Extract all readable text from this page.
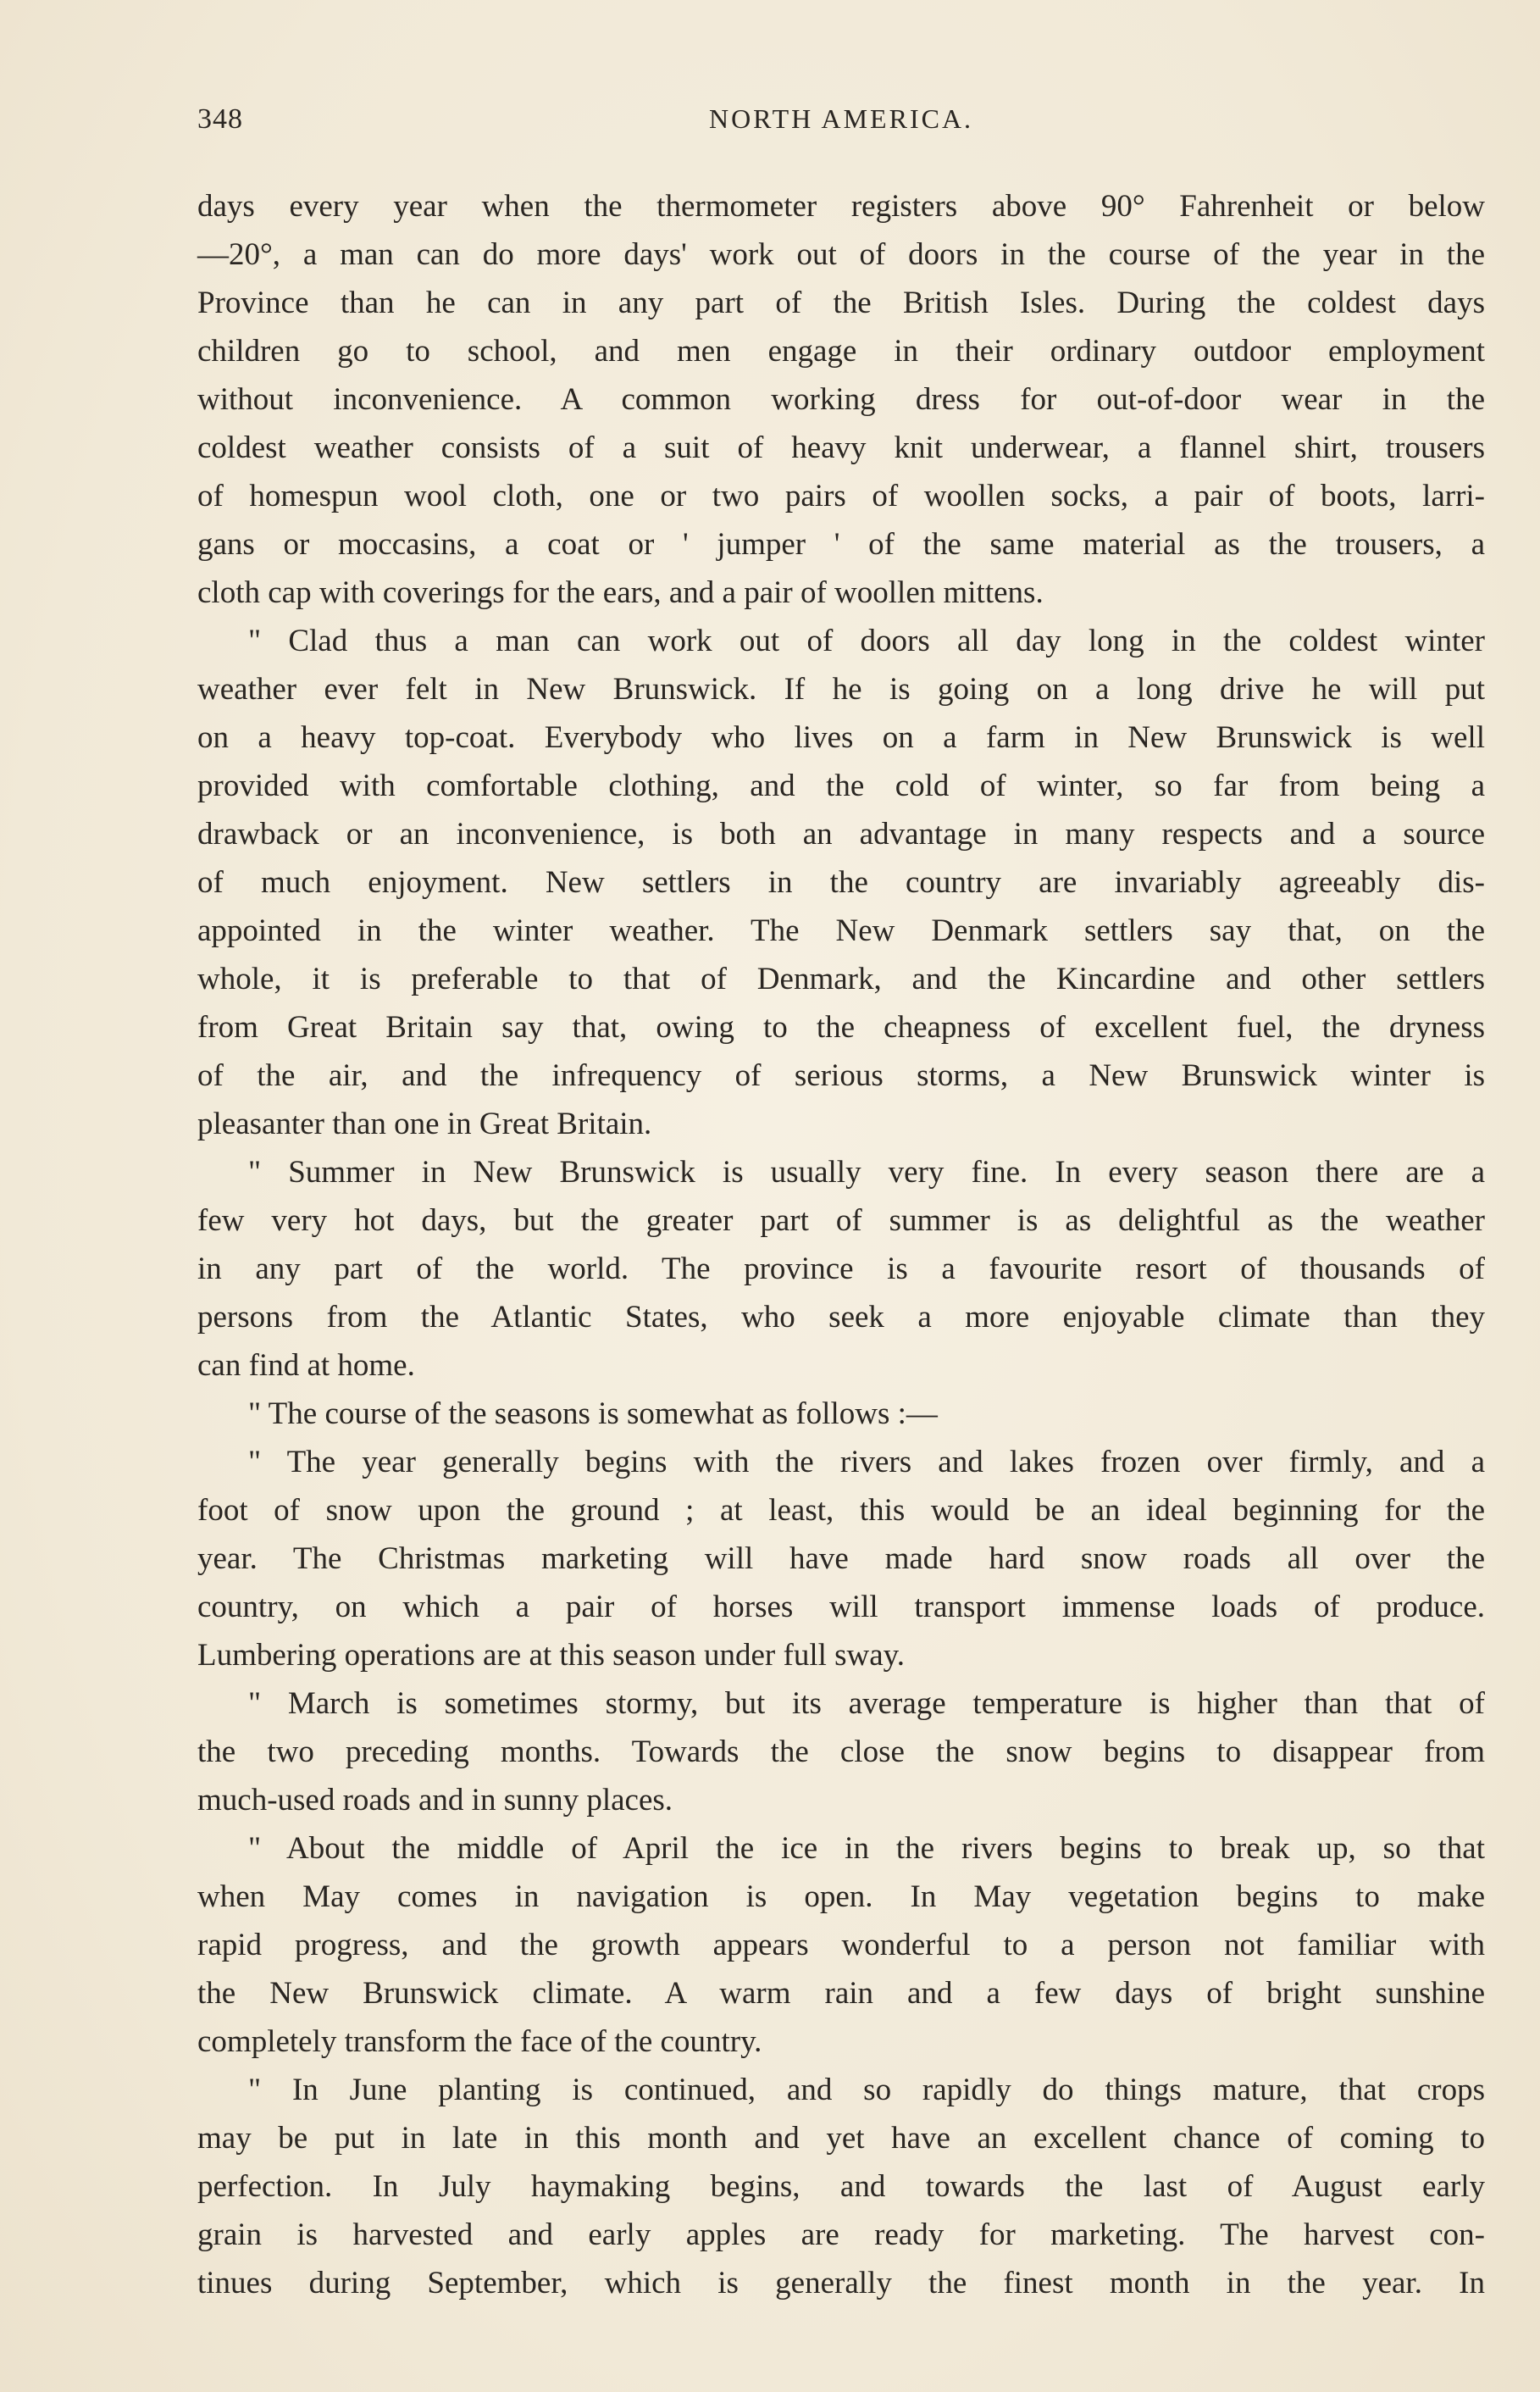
348	NORTH AMERICA.
days every year when the thermometer registers above 90° Fahrenheit or below
—20°, a man can do more days' work out of doors in the course of the year in the
Province than he can in any part of the British Isles. During the coldest days
children go to school, and men engage in their ordinary outdoor employment
without inconvenience. A common working dress for out-of-door wear in the
coldest weather consists of a suit of heavy knit underwear, a flannel shirt, trousers
of homespun wool cloth, one or two pairs of woollen socks, a pair of boots, larri-
gans or moccasins, a coat or ' jumper ' of the same material as the trousers, a
cloth cap with coverings for the ears, and a pair of woollen mittens.
" Clad thus a man can work out of doors all day long in the coldest winter
weather ever felt in New Brunswick. If he is going on a long drive he will put
on a heavy top-coat. Everybody who lives on a farm in New Brunswick is well
provided with comfortable clothing, and the cold of winter, so far from being a
drawback or an inconvenience, is both an advantage in many respects and a source
of much enjoyment. New settlers in the country are invariably agreeably dis-
appointed in the winter weather. The New Denmark settlers say that, on the
whole, it is preferable to that of Denmark, and the Kincardine and other settlers
from Great Britain say that, owing to the cheapness of excellent fuel, the dryness
of the air, and the infrequency of serious storms, a New Brunswick winter is
pleasanter than one in Great Britain.
" Summer in New Brunswick is usually very fine. In every season there are a
few very hot days, but the greater part of summer is as delightful as the weather
in any part of the world. The province is a favourite resort of thousands of
persons from the Atlantic States, who seek a more enjoyable climate than they
can find at home.
" The course of the seasons is somewhat as follows :—
" The year generally begins with the rivers and lakes frozen over firmly, and a
foot of snow upon the ground ; at least, this would be an ideal beginning for the
year. The Christmas marketing will have made hard snow roads all over the
country, on which a pair of horses will transport immense loads of produce.
Lumbering operations are at this season under full sway.
" March is sometimes stormy, but its average temperature is higher than that of
the two preceding months. Towards the close the snow begins to disappear from
much-used roads and in sunny places.
" About the middle of April the ice in the rivers begins to break up, so that
when May comes in navigation is open. In May vegetation begins to make
rapid progress, and the growth appears wonderful to a person not familiar with
the New Brunswick climate. A warm rain and a few days of bright sunshine
completely transform the face of the country.
" In June planting is continued, and so rapidly do things mature, that crops
may be put in late in this month and yet have an excellent chance of coming to
perfection. In July haymaking begins, and towards the last of August early
grain is harvested and early apples are ready for marketing. The harvest con-
tinues during September, which is generally the finest month in the year. In
